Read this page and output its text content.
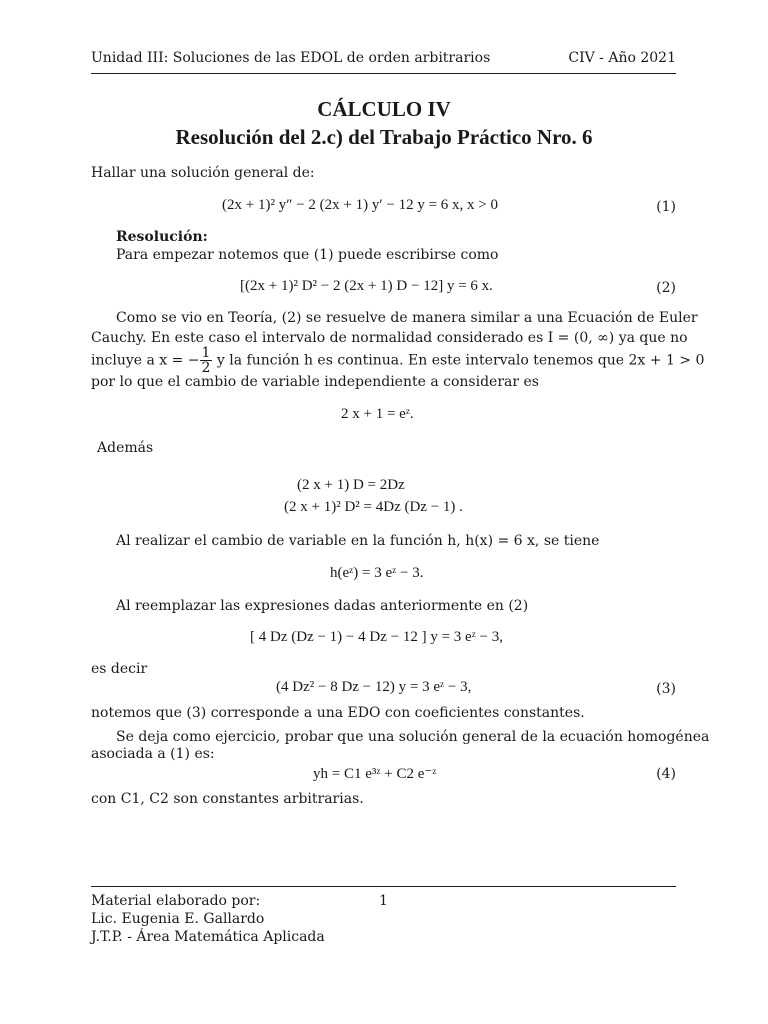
Unidad III: Soluciones de las EDOL de orden arbitrarios	CIV - Año 2021
CÁLCULO IV
Resolución del 2.c) del Trabajo Práctico Nro. 6
Hallar una solución general de:
(2x + 1)² y″ − 2 (2x + 1) y′ − 12 y = 6 x, x > 0	(1)
Resolución:
Para empezar notemos que (1) puede escribirse como
[(2x + 1)² D² − 2 (2x + 1) D − 12] y = 6 x.	(2)
Como se vio en Teoría, (2) se resuelve de manera similar a una Ecuación de Euler
Cauchy. En este caso el intervalo de normalidad considerado es I = (0, ∞) ya que no
incluye a x = − $\frac{1}{2}$ y la función h es continua. En este intervalo tenemos que 2x + 1 > 0
por lo que el cambio de variable independiente a considerar es
2 x + 1 = eᶻ.
Además
(2 x + 1) D = 2Dz
(2 x + 1)² D² = 4Dz (Dz − 1) .
Al realizar el cambio de variable en la función h, h(x) = 6 x, se tiene
h(eᶻ) = 3 eᶻ − 3.
Al reemplazar las expresiones dadas anteriormente en (2)
[ 4 Dz (Dz − 1) − 4 Dz − 12 ] y = 3 eᶻ − 3,
es decir
(4 Dz² − 8 Dz − 12) y = 3 eᶻ − 3,	(3)
notemos que (3) corresponde a una EDO con coeficientes constantes.
Se deja como ejercicio, probar que una solución general de la ecuación homogénea
asociada a (1) es:
yh = C1 e³ᶻ + C2 e⁻ᶻ	(4)
con C1, C2 son constantes arbitrarias.
Material elaborado por:	1
Lic. Eugenia E. Gallardo
J.T.P. - Área Matemática Aplicada
